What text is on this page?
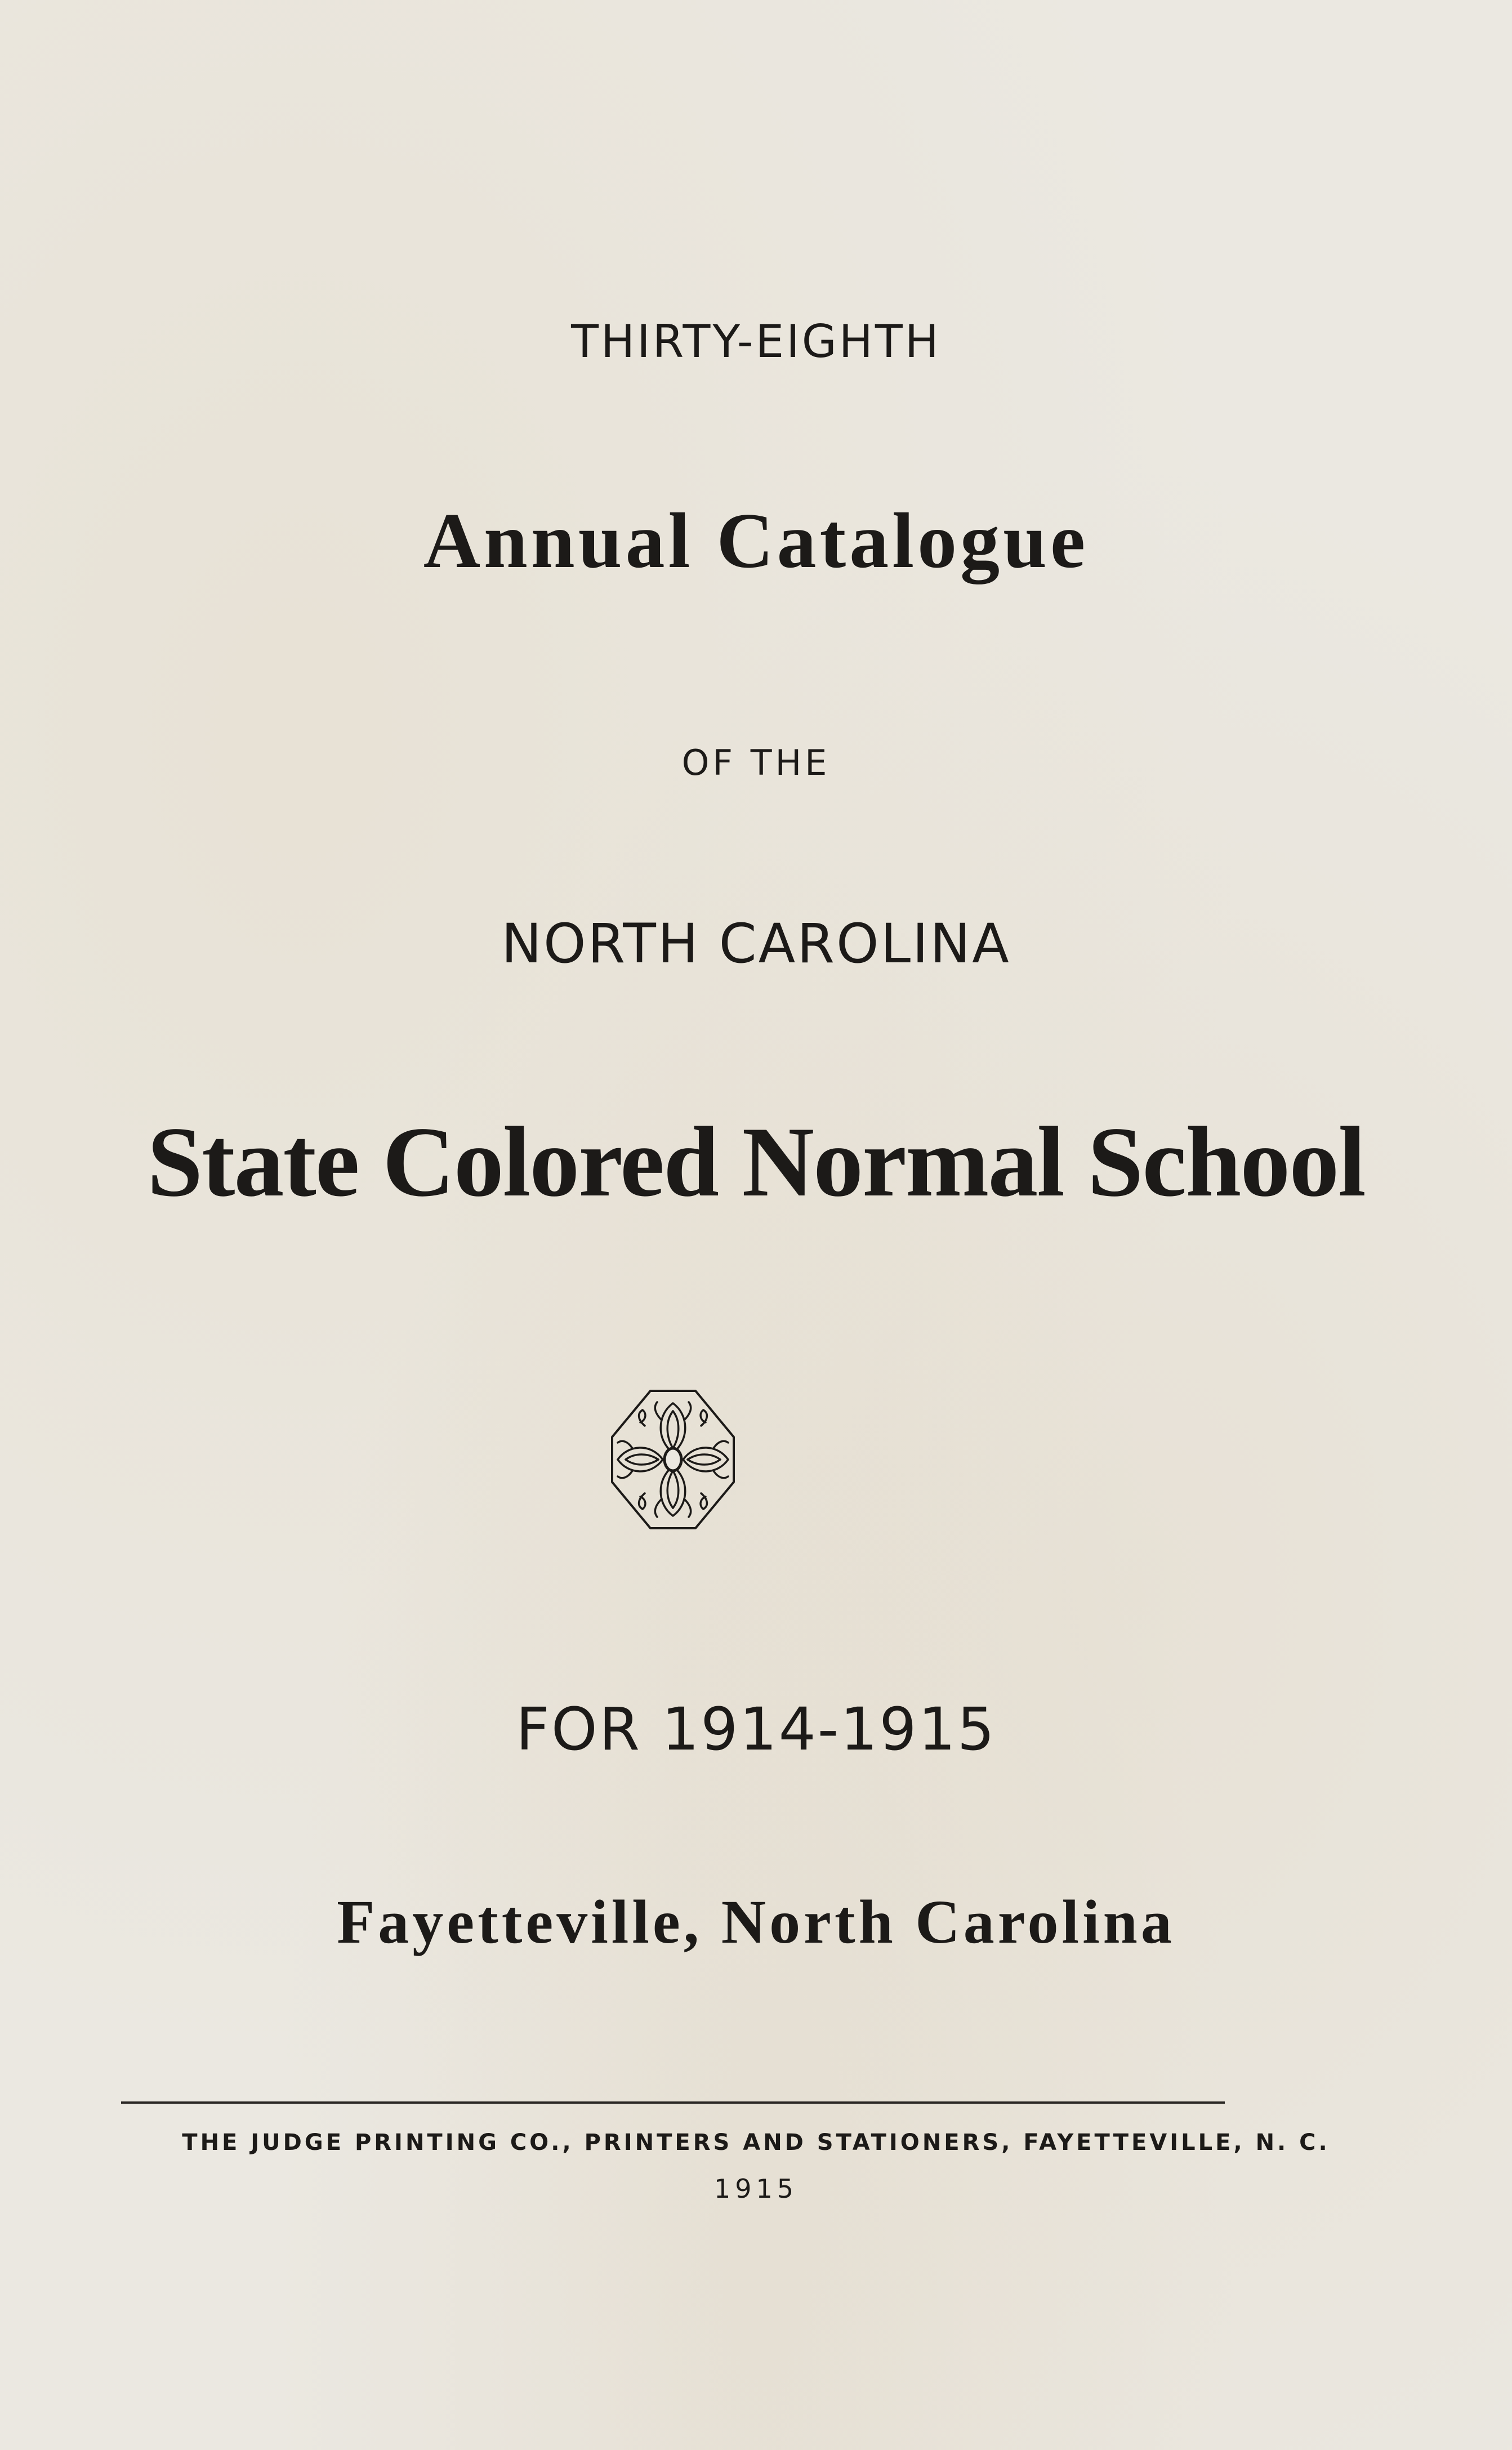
THIRTY-EIGHTH

Annual Catalogue

OF THE

NORTH CAROLINA

State Colored Normal School

FOR 1914-1915

Fayetteville, North Carolina

THE JUDGE PRINTING CO., PRINTERS AND STATIONERS, FAYETTEVILLE, N. C.

1915
